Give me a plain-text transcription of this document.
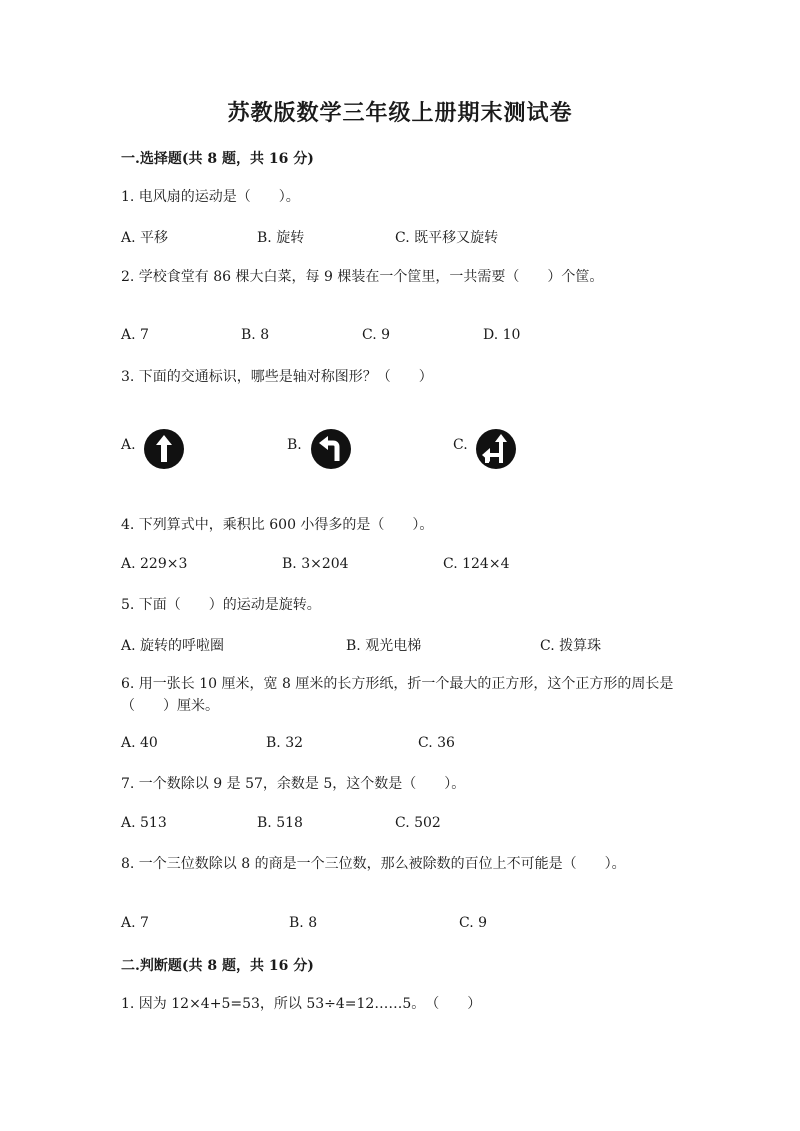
苏教版数学三年级上册期末测试卷
一.选择题(共 8 题，共 16 分)
1. 电风扇的运动是（　　）。
A. 平移	B. 旋转	C. 既平移又旋转
2. 学校食堂有 86 棵大白菜，每 9 棵装在一个筐里，一共需要（　　）个筐。
A. 7	B. 8	C. 9	D. 10
3. 下面的交通标识，哪些是轴对称图形？（　　）
A.	B.	C.
4. 下列算式中，乘积比 600 小得多的是（　　）。
A. 229×3	B. 3×204	C. 124×4
5. 下面（　　）的运动是旋转。
A. 旋转的呼啦圈	B. 观光电梯	C. 拨算珠
6. 用一张长 10 厘米，宽 8 厘米的长方形纸，折一个最大的正方形，这个正方形的周长是（　　）厘米。
A. 40	B. 32	C. 36
7. 一个数除以 9 是 57，余数是 5，这个数是（　　）。
A. 513	B. 518	C. 502
8. 一个三位数除以 8 的商是一个三位数，那么被除数的百位上不可能是（　　）。
A. 7	B. 8	C. 9
二.判断题(共 8 题，共 16 分)
1. 因为 12×4+5=53，所以 53÷4=12……5。　（　　）
